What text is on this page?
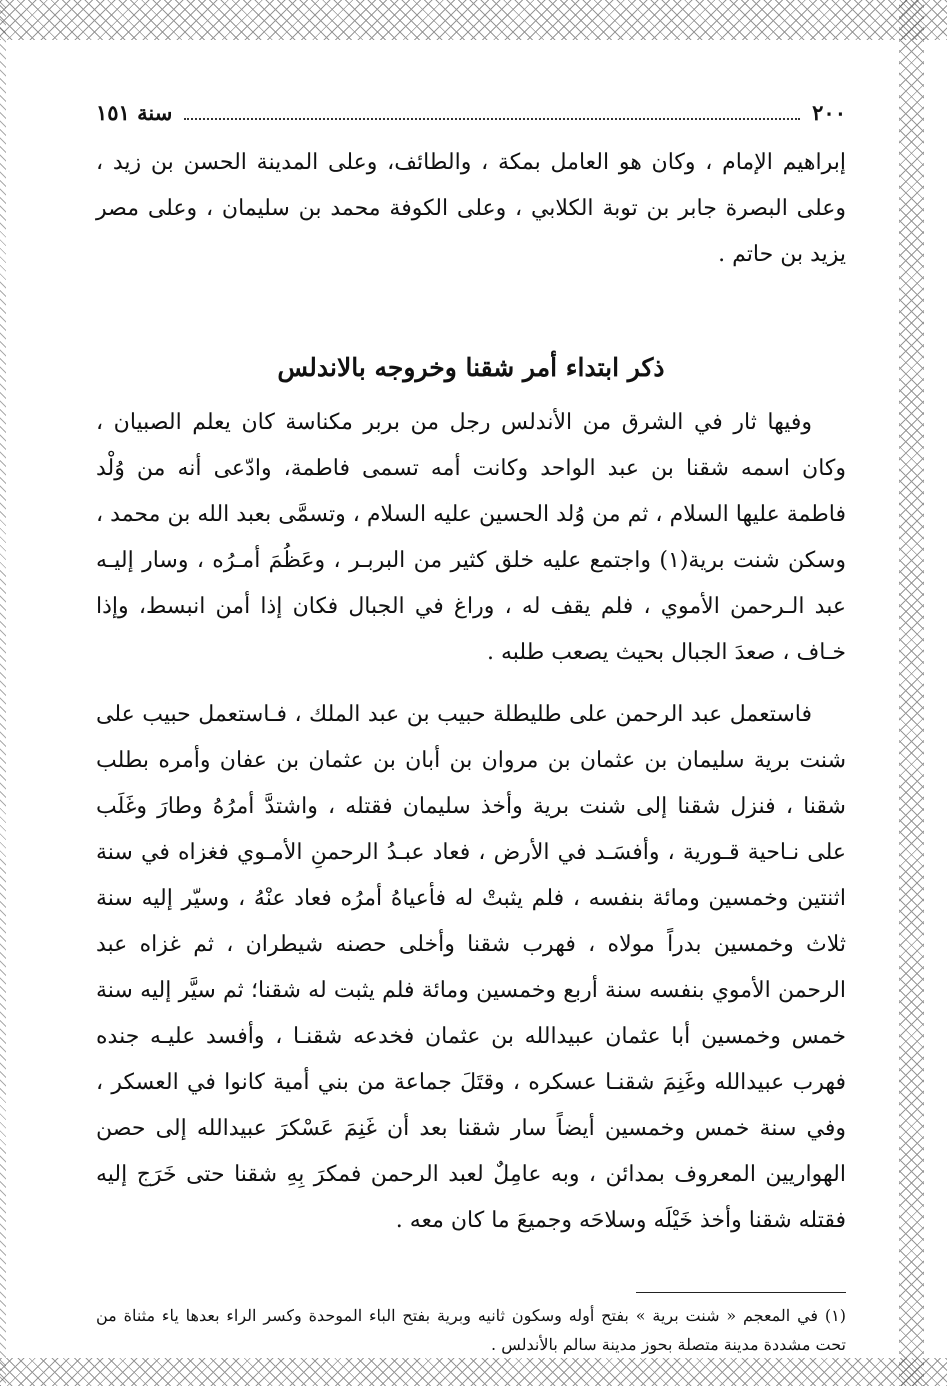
٢٠٠
سنة ١٥١

إبراهيم الإمام ، وكان هو العامل بمكة ، والطائف، وعلى المدينة الحسن بن زيد ، وعلى البصرة جابر بن توبة الكلابي ، وعلى الكوفة محمد بن سليمان ، وعلى مصر يزيد بن حاتم .

ذكر ابتداء أمر شقنا وخروجه بالاندلس

وفيها ثار في الشرق من الأندلس رجل من بربر مكناسة كان يعلم الصبيان ، وكان اسمه شقنا بن عبد الواحد وكانت أمه تسمى فاطمة، وادّعى أنه من وُلْد فاطمة عليها السلام ، ثم من وُلد الحسين عليه السلام ، وتسمَّى بعبد الله بن محمد ، وسكن شنت برية(١) واجتمع عليه خلق كثير من البربـر ، وعَظُمَ أمـرُه ، وسار إليـه عبد الـرحمن الأموي ، فلم يقف له ، وراغ في الجبال فكان إذا أمن انبسط، وإذا خـاف ، صعدَ الجبال بحيث يصعب طلبه .

فاستعمل عبد الرحمن على طليطلة حبيب بن عبد الملك ، فـاستعمل حبيب على شنت برية سليمان بن عثمان بن مروان بن أبان بن عثمان بن عفان وأمره بطلب شقنا ، فنزل شقنا إلى شنت برية وأخذ سليمان فقتله ، واشتدَّ أمرُهُ وطارَ وغَلَب على نـاحية قـورية ، وأفسَـد في الأرض ، فعاد عبـدُ الرحمنِ الأمـوي فغزاه في سنة اثنتين وخمسين ومائة بنفسه ، فلم يثبتْ له فأعياهُ أمرُه فعاد عنْهُ ، وسيّر إليه سنة ثلاث وخمسين بدراً مولاه ، فهرب شقنا وأخلى حصنه شيطران ، ثم غزاه عبد الرحمن الأموي بنفسه سنة أربع وخمسين ومائة فلم يثبت له شقنا؛ ثم سيَّر إليه سنة خمس وخمسين أبا عثمان عبيدالله بن عثمان فخدعه شقنـا ، وأفسد عليـه جنده فهرب عبيدالله وغَنِمَ شقنـا عسكره ، وقتَلَ جماعة من بني أمية كانوا في العسكر ، وفي سنة خمس وخمسين أيضاً سار شقنا بعد أن غَنِمَ عَسْكرَ عبيدالله إلى حصن الهواريين المعروف بمدائن ، وبه عامِلٌ لعبد الرحمن فمكرَ بِهِ شقنا حتى خَرَج إليه فقتله شقنا وأخذ خَيْلَه وسلاحَه وجميعَ ما كان معه .

(١) في المعجم « شنت برية » بفتح أوله وسكون ثانيه وبرية بفتح الباء الموحدة وكسر الراء بعدها ياء مثناة من تحت مشددة مدينة متصلة بحوز مدينة سالم بالأندلس .
